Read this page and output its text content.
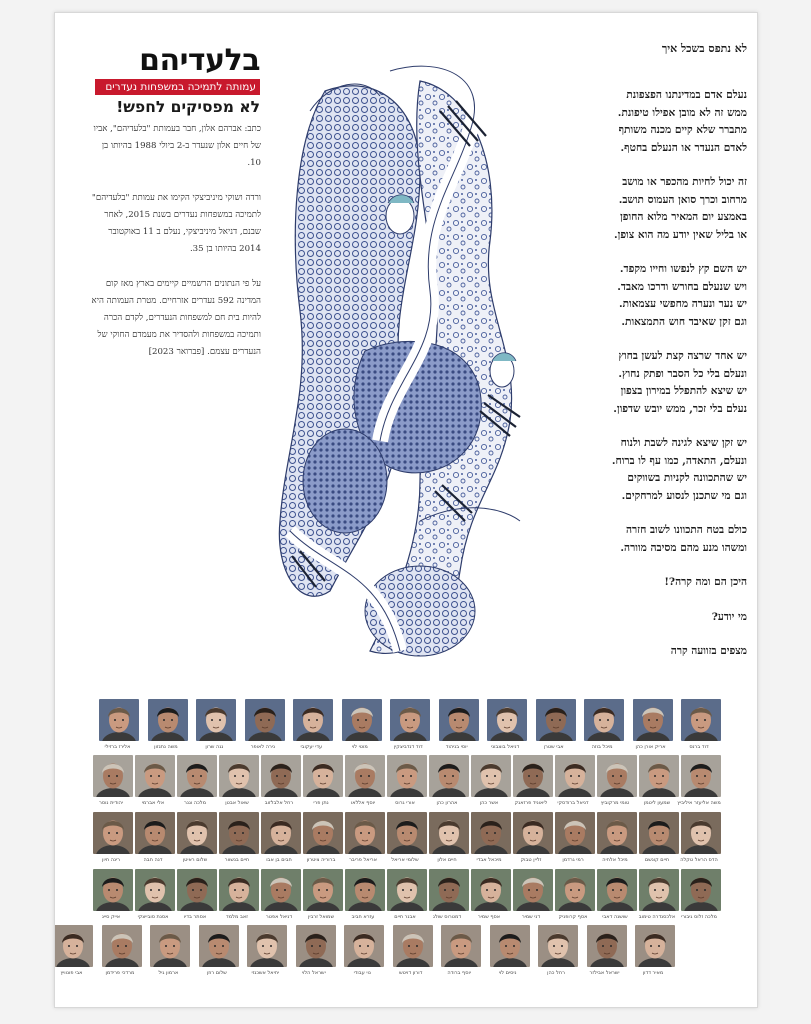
בלעדיהם
עמותה לתמיכה במשפחות נעדרים
לא מפסיקים לחפש!

כתב: אברהם אלון, חבר בעמותת "בלעדיהם", אביו של חיים אלון שנעדר ב-2 ביולי 1988 בהיותו בן 10.

ורדה ושוקי מיניביצקי הקימו את עמותת "בלעדיהם" לתמיכה במשפחות נעדרים בשנת 2015, לאחר שבנם, דניאל מיניביצקי, נעלם ב 11 באוקטובר 2014 בהיותו בן 35.

על פי הנתונים הרשמיים קיימים בארץ מאז קום המדינה 592 נעדרים אזרחיים. מטרת העמותה היא להיות בית חם למשפחות הנעדרים, לקדם הכרה ותמיכה במשפחות ולהסדיר את מעמדם החוקי של הנעדרים עצמם. [פברואר 2023]

לא נתפס בשכל איך
נעלם אדם במדינתנו הפצפונת
ממש זה לא מובן אפילו טיפונת.
מתברר שלא קיים מכנה משותף
לאדם הנעדר או הנעלם בחטף.
זה יכול לחיות מהכפר או מושב
מרחוב וכרך סואן העמוס תושב.
באמצע יום המאיר מלוא החופן
או בליל שאין יודע מה הוא צופן.
יש השם קץ לנפשו וחייו מקפד.
ויש שנעלם בחורש ודרכו מאבד.
יש נער ונערה מחפשי עצמאות.
וגם זקן שאיבד חוש התמצאות.
יש אחד שרצה קצת לעשן בחוץ
ונעלם בלי כל הסבר ופתק נחוץ.
יש שיצא להתפלל במירון בצפון
נעלם בלי זכר, ממש יובש שדפון.
יש זקן שיצא לגינה לשבת ולנוח
ונעלם, התאדה, כמו עף לו ברוח.
יש שהתכוונה לקניות בשווקים
וגם מי שתכנן לנסוע למרחקים.
כולם בטח התכוונו לשוב חזרה
ומשהו מנע מהם מסיבה מוורה.
היכן הם ומה קרה?!
מי יודע?
מצפים בזוועה קרה
דוד ברנס
אריק אורן כהן
מיכל בוזה
אבי שטרן
דניאל בוצבוני
יוסי בניהוד
דוד דנדביצקין
מוטי לוי
עדי יעקובי
נירה לאופר
נגה שרון
משה נתנזון
אלירז ברזילי
משה אליעזר איליביץ
שמעון ליטמן
טומי מרקוביץ
דניאל ברודסקי
ליאוניד פרזאנק
אשר כהן
אהרון כהן
אורי גרוס
יוסף אללאו
נתן פרי
רחל אלבלזוב
שאול אבטן
מלכה וגנר
אלי אברמי
יהודית נוסר
הדס הראל טקלה
חיים קונשם
מיכל אלחיה
רמי גרדמן
זליין טבוק
מיכאל אבדי
חיים אלון
שלומי אריאל
אריאל פריבר
ברוריה ציטרון
חבים בן אבו
חיים בנשוור
שלום ראיטן
דנה חבה
רינה חיון
מלכה זלוס גיבורי
אלכסנדרה טימוב
שושנה דאבי
אסף קרופניק
דני שמיר
אסף שמיר
דמטרוס שולג
אבנר חיים
עזרא חביב
שמואל זרבין
דניאל אפטר
זאב מלמד
אסתר בדיו
אסנת סובייצקי
אייק סייג
מאיר דדון
ישראל אבילזר
רחל כהן
ניסים לוי
יוסף ברודה
דורון דויטש
נוי עבודי
ישראל הלוי
יחיאל אשכנזי
שלום רוזן
ארמון גיל
מרדכי פרידמן
אבי פונוויץ
